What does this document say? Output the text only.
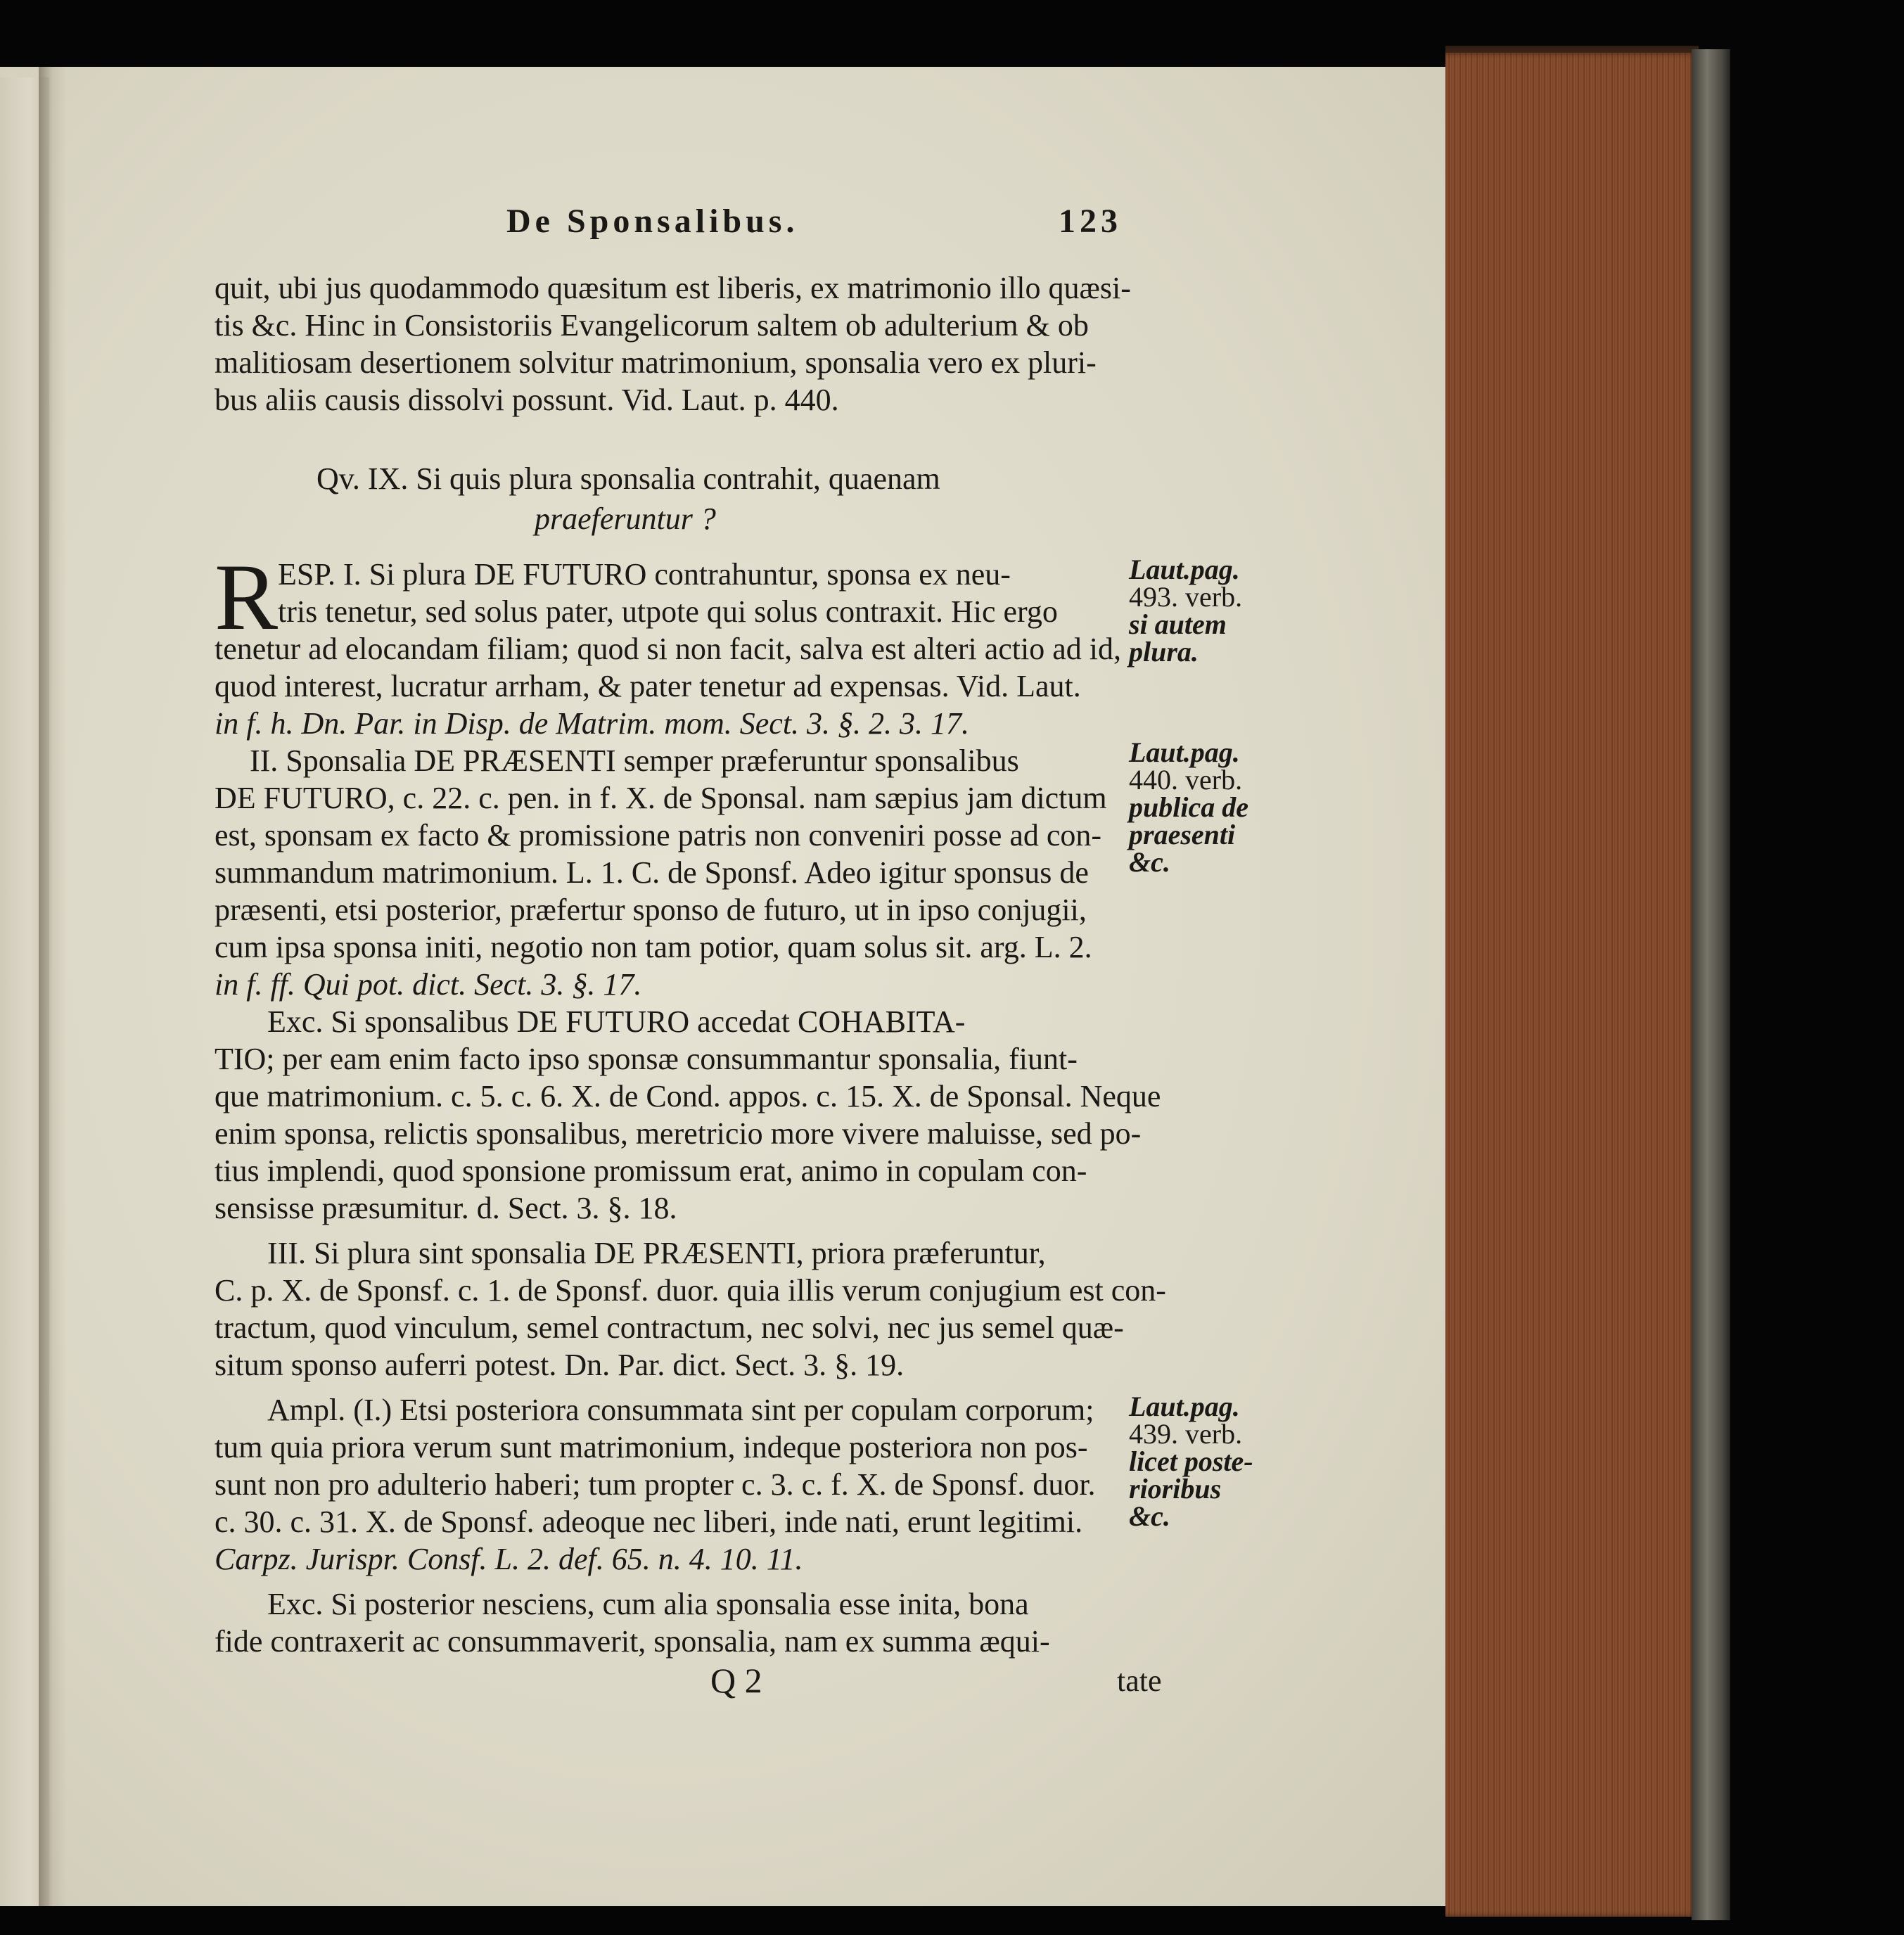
De Sponsalibus.	123
quit, ubi jus quodammodo quæsitum est liberis, ex matrimonio illo quæsi-
tis &c. Hinc in Consistoriis Evangelicorum saltem ob adulterium & ob
malitiosam desertionem solvitur matrimonium, sponsalia vero ex pluri-
bus aliis causis dissolvi possunt. Vid. Laut. p. 440.
Qv. IX. Si quis plura sponsalia contrahit, quaenam
praeferuntur ?
R ESP. I. Si plura DE FUTURO contrahuntur, sponsa ex neu-
tris tenetur, sed solus pater, utpote qui solus contraxit. Hic ergo
tenetur ad elocandam filiam; quod si non facit, salva est alteri actio ad id,
quod interest, lucratur arrham, & pater tenetur ad expensas. Vid. Laut.
in f. h. Dn. Par. in Disp. de Matrim. mom. Sect. 3. §. 2. 3. 17.
II. Sponsalia DE PRÆSENTI semper præferuntur sponsalibus
DE FUTURO, c. 22. c. pen. in f. X. de Sponsal. nam sæpius jam dictum
est, sponsam ex facto & promissione patris non conveniri posse ad con-
summandum matrimonium. L. 1. C. de Sponsf. Adeo igitur sponsus de
præsenti, etsi posterior, præfertur sponso de futuro, ut in ipso conjugii,
cum ipsa sponsa initi, negotio non tam potior, quam solus sit. arg. L. 2.
in f. ff. Qui pot. dict. Sect. 3. §. 17.
Exc. Si sponsalibus DE FUTURO accedat COHABITA-
TIO; per eam enim facto ipso sponsæ consummantur sponsalia, fiunt-
que matrimonium. c. 5. c. 6. X. de Cond. appos. c. 15. X. de Sponsal. Neque
enim sponsa, relictis sponsalibus, meretricio more vivere maluisse, sed po-
tius implendi, quod sponsione promissum erat, animo in copulam con-
sensisse præsumitur. d. Sect. 3. §. 18.
III. Si plura sint sponsalia DE PRÆSENTI, priora præferuntur,
C. p. X. de Sponsf. c. 1. de Sponsf. duor. quia illis verum conjugium est con-
tractum, quod vinculum, semel contractum, nec solvi, nec jus semel quæ-
situm sponso auferri potest. Dn. Par. dict. Sect. 3. §. 19.
Ampl. (I.) Etsi posteriora consummata sint per copulam corporum;
tum quia priora verum sunt matrimonium, indeque posteriora non pos-
sunt non pro adulterio haberi; tum propter c. 3. c. f. X. de Sponsf. duor.
c. 30. c. 31. X. de Sponsf. adeoque nec liberi, inde nati, erunt legitimi.
Carpz. Jurispr. Consf. L. 2. def. 65. n. 4. 10. 11.
Exc. Si posterior nesciens, cum alia sponsalia esse inita, bona
fide contraxerit ac consummaverit, sponsalia, nam ex summa æqui-
Q 2	tate
Laut.pag.
493. verb.
si autem
plura.
Laut.pag.
440. verb.
publica de
praesenti
&c.
Laut.pag.
439. verb.
licet poste-
rioribus
&c.
